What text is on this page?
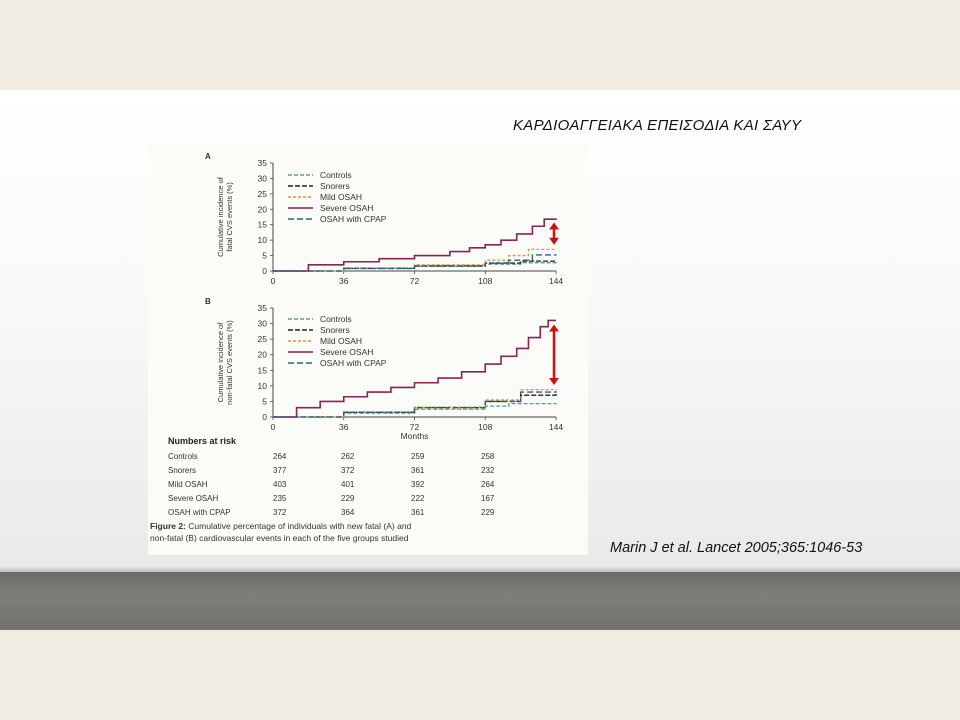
ΚΑΡΔΙΟΑΓΓΕΙΑΚΑ ΕΠΕΙΣΟΔΙΑ ΚΑΙ ΣΑΥΥ
A
0
5
10
15
20
25
30
35
0	36	72	108	144
Cumulative incidence offatal CVS events (%)
Controls
Snorers
Mild OSAH
Severe OSAH
OSAH with CPAP
B
0
5
10
15
20
25
30
35
0	36	72	108	144
Cumulative incidence ofnon-fatal CVS events (%)
Months
Controls
Snorers
Mild OSAH
Severe OSAH
OSAH with CPAP
Numbers at risk
Controls	264	262	259	258
Snorers	377	372	361	232
Mild OSAH	403	401	392	264
Severe OSAH	235	229	222	167
OSAH with CPAP	372	364	361	229
Figure 2: Cumulative percentage of individuals with new fatal (A) and
non-fatal (B) cardiovascular events in each of the five groups studied
Marin J et al. Lancet 2005;365:1046-53
